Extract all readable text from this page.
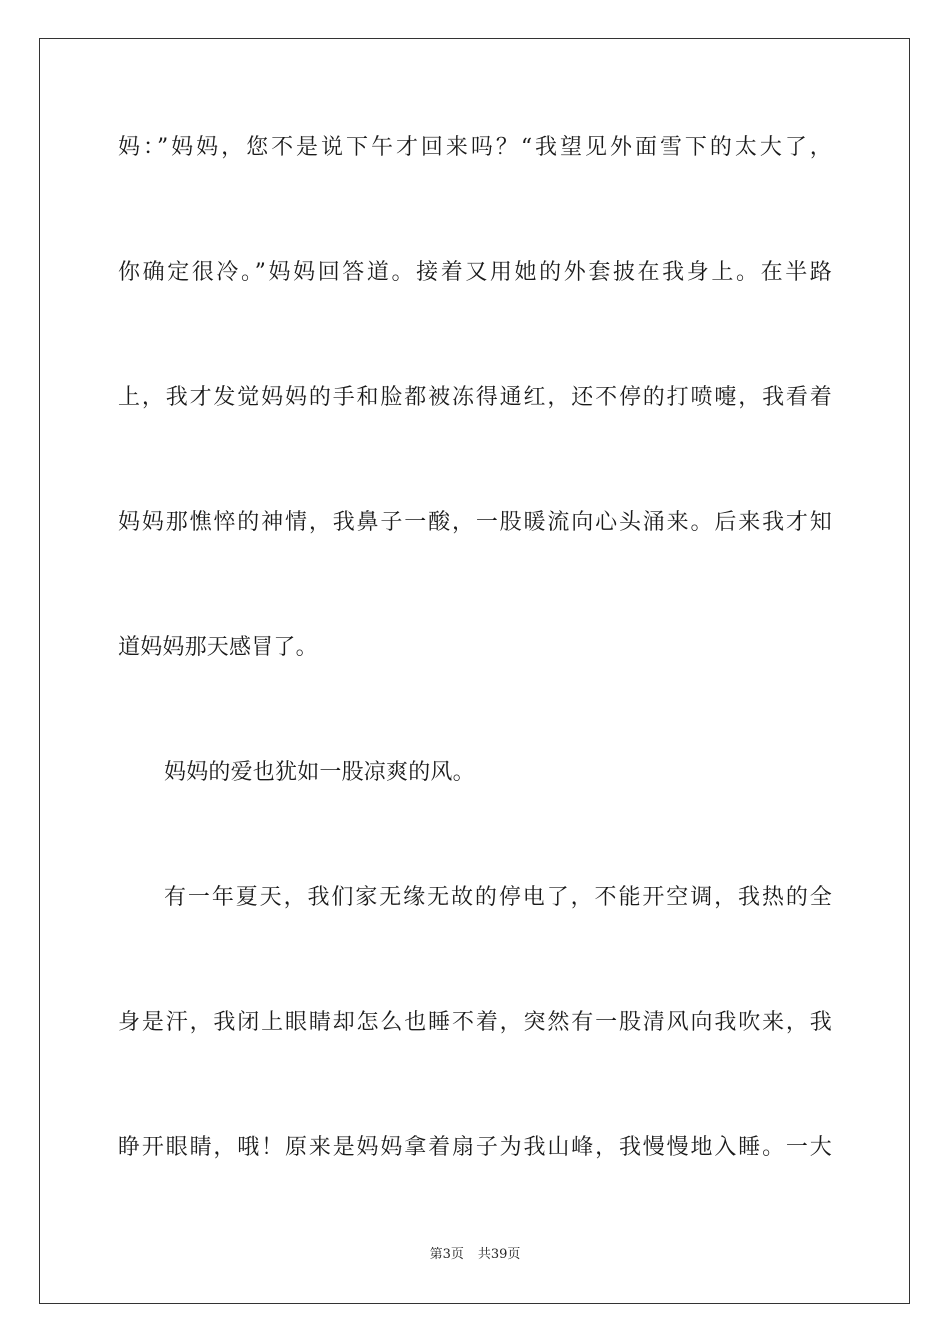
妈：”妈妈，您不是说下午才回来吗？“我望见外面雪下的太大了，
你确定很冷。”妈妈回答道。接着又用她的外套披在我身上。在半路
上，我才发觉妈妈的手和脸都被冻得通红，还不停的打喷嚏，我看着
妈妈那憔悴的神情，我鼻子一酸，一股暖流向心头涌来。后来我才知
道妈妈那天感冒了。
妈妈的爱也犹如一股凉爽的风。
有一年夏天，我们家无缘无故的停电了，不能开空调，我热的全
身是汗，我闭上眼睛却怎么也睡不着，突然有一股清风向我吹来，我
睁开眼睛，哦！原来是妈妈拿着扇子为我山峰，我慢慢地入睡。一大
第3页 共39页
